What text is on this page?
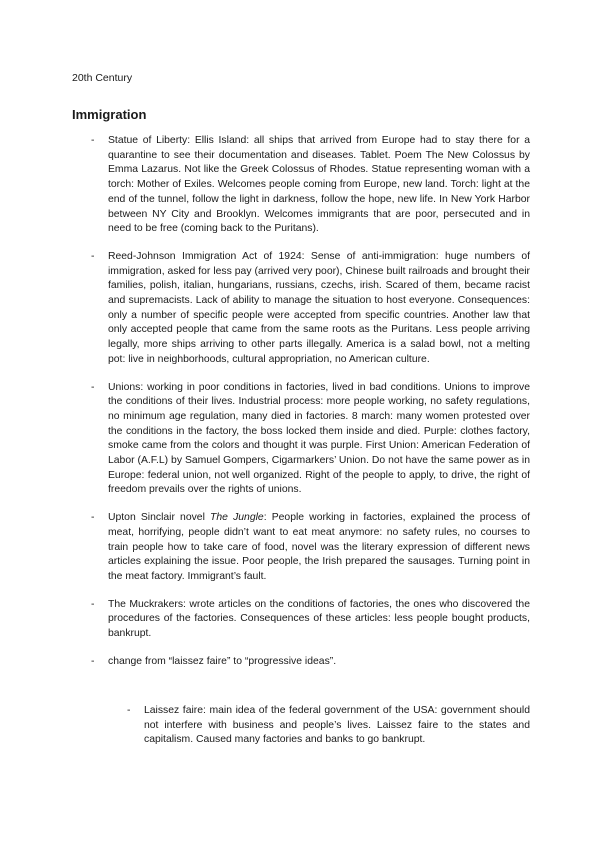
20th Century
Immigration
- Statue of Liberty: Ellis Island: all ships that arrived from Europe had to stay there for a quarantine to see their documentation and diseases. Tablet. Poem The New Colossus by Emma Lazarus. Not like the Greek Colossus of Rhodes. Statue representing woman with a torch: Mother of Exiles. Welcomes people coming from Europe, new land. Torch: light at the end of the tunnel, follow the light in darkness, follow the hope, new life. In New York Harbor between NY City and Brooklyn. Welcomes immigrants that are poor, persecuted and in need to be free (coming back to the Puritans).
- Reed-Johnson Immigration Act of 1924: Sense of anti-immigration: huge numbers of immigration, asked for less pay (arrived very poor), Chinese built railroads and brought their families, polish, italian, hungarians, russians, czechs, irish. Scared of them, became racist and supremacists. Lack of ability to manage the situation to host everyone. Consequences: only a number of specific people were accepted from specific countries. Another law that only accepted people that came from the same roots as the Puritans. Less people arriving legally, more ships arriving to other parts illegally. America is a salad bowl, not a melting pot: live in neighborhoods, cultural appropriation, no American culture.
- Unions: working in poor conditions in factories, lived in bad conditions. Unions to improve the conditions of their lives. Industrial process: more people working, no safety regulations, no minimum age regulation, many died in factories. 8 march: many women protested over the conditions in the factory, the boss locked them inside and died. Purple: clothes factory, smoke came from the colors and thought it was purple. First Union: American Federation of Labor (A.F.L) by Samuel Gompers, Cigarmarkers’ Union. Do not have the same power as in Europe: federal union, not well organized. Right of the people to apply, to drive, the right of freedom prevails over the rights of unions.
- Upton Sinclair novel The Jungle: People working in factories, explained the process of meat, horrifying, people didn’t want to eat meat anymore: no safety rules, no courses to train people how to take care of food, novel was the literary expression of different news articles explaining the issue. Poor people, the Irish prepared the sausages. Turning point in the meat factory. Immigrant’s fault.
- The Muckrakers: wrote articles on the conditions of factories, the ones who discovered the procedures of the factories. Consequences of these articles: less people bought products, bankrupt.
- change from “laissez faire” to “progressive ideas”.
- Laissez faire: main idea of the federal government of the USA: government should not interfere with business and people’s lives. Laissez faire to the states and capitalism. Caused many factories and banks to go bankrupt.
